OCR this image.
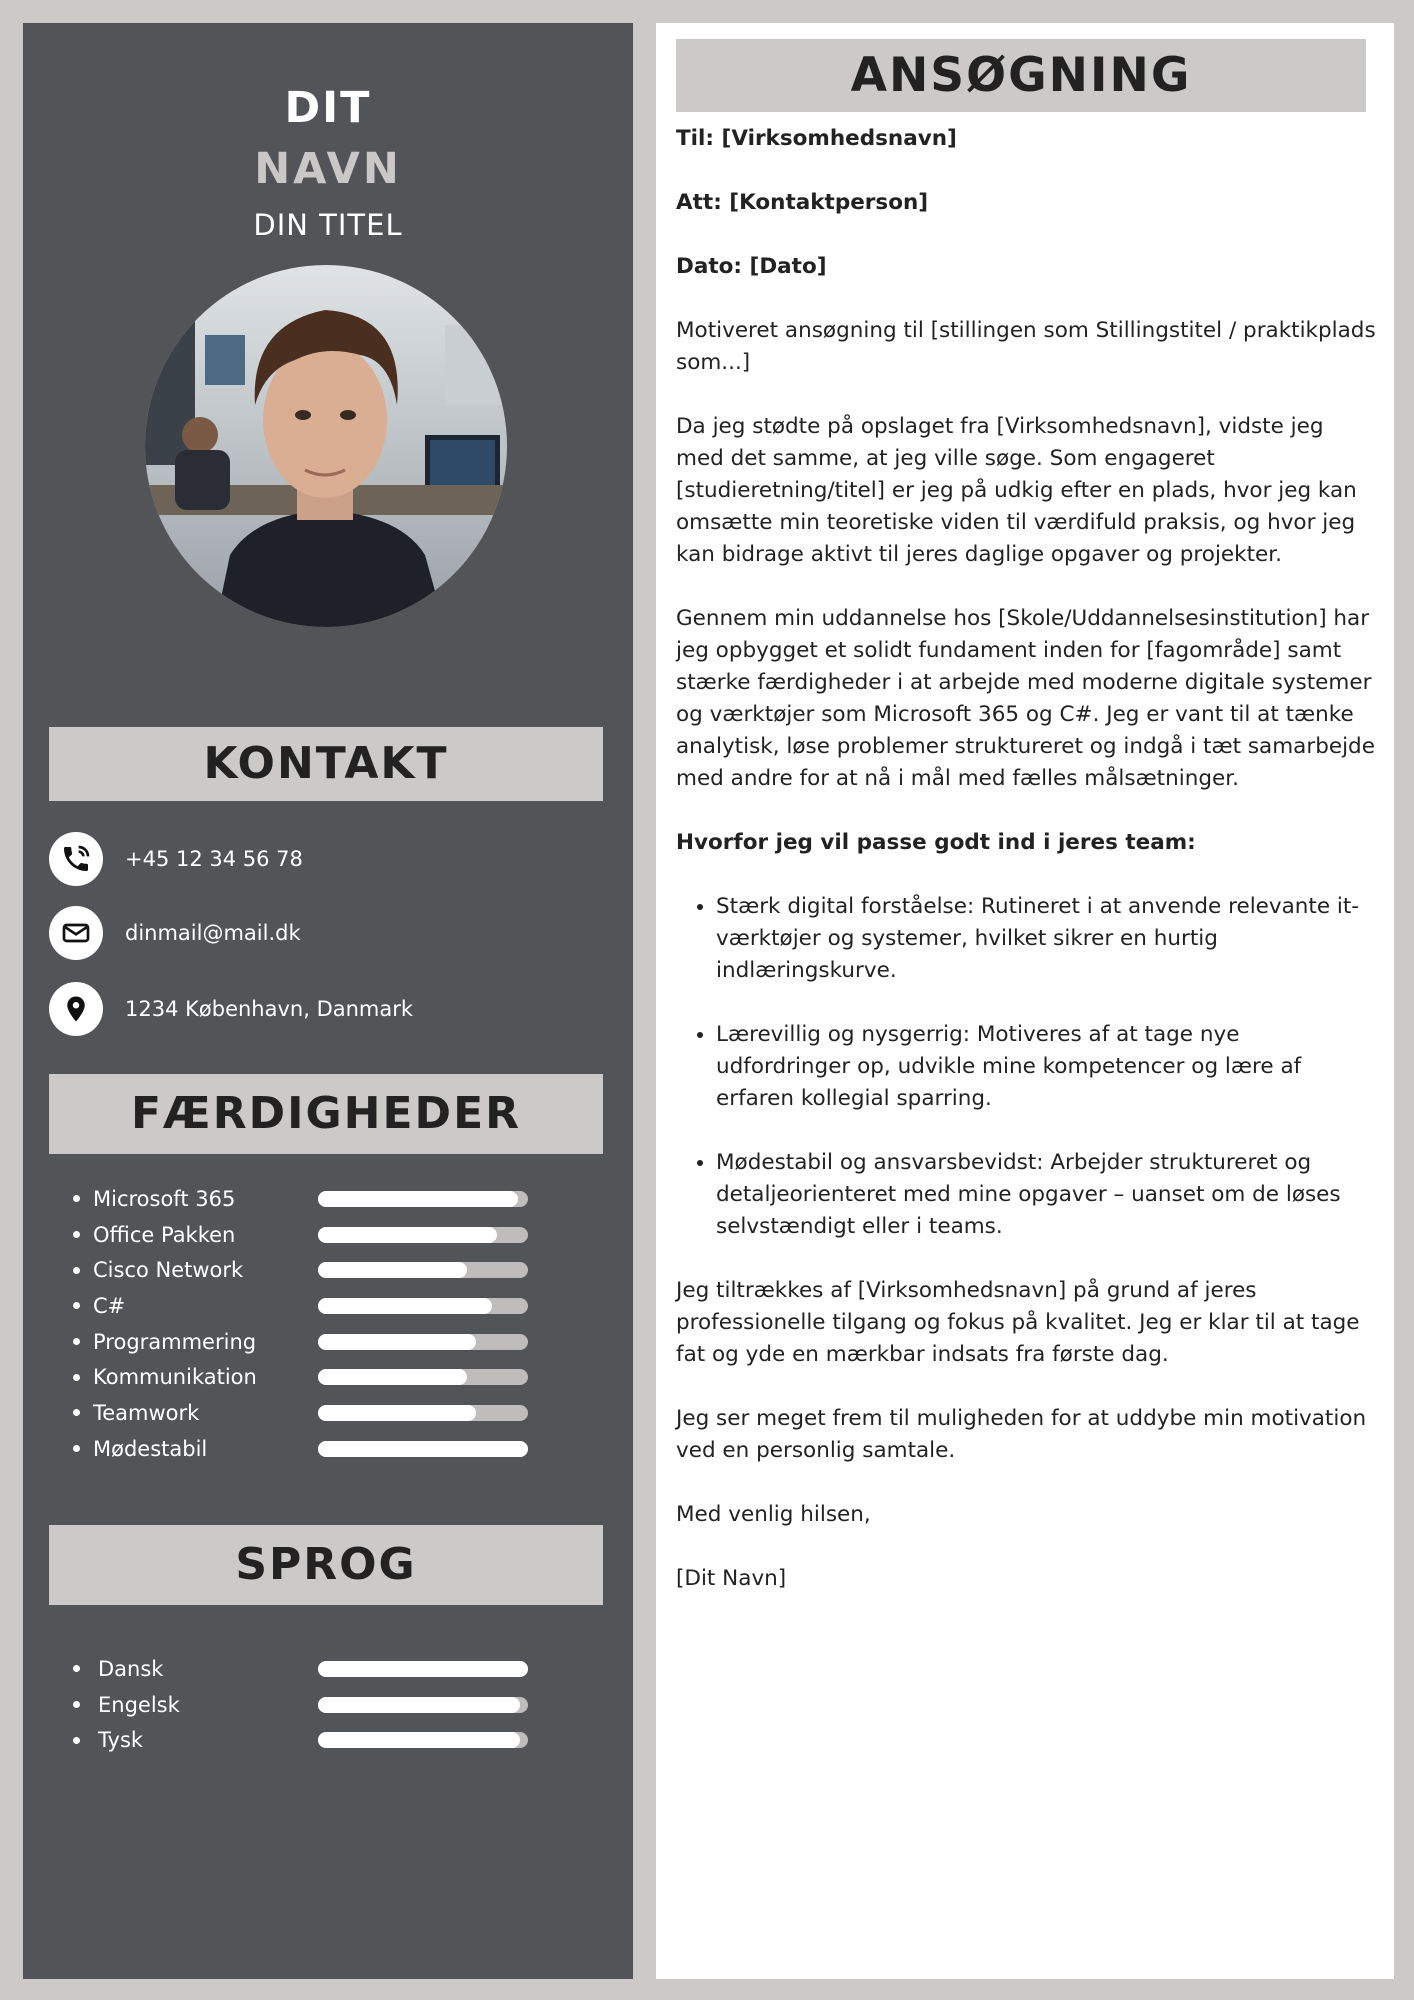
DIT
NAVN
DIN TITEL
KONTAKT
+45 12 34 56 78
dinmail@mail.dk
1234 København, Danmark
FÆRDIGHEDER
Microsoft 365
Office Pakken
Cisco Network
C#
Programmering
Kommunikation
Teamwork
Mødestabil
SPROG
Dansk
Engelsk
Tysk
ANSØGNING

Til: [Virksomhedsnavn]

Att: [Kontaktperson]

Dato: [Dato]

Motiveret ansøgning til [stillingen som Stillingstitel / praktikplads som...]

Da jeg stødte på opslaget fra [Virksomhedsnavn], vidste jeg med det samme, at jeg ville søge. Som engageret [studieretning/titel] er jeg på udkig efter en plads, hvor jeg kan omsætte min teoretiske viden til værdifuld praksis, og hvor jeg kan bidrage aktivt til jeres daglige opgaver og projekter.

Gennem min uddannelse hos [Skole/Uddannelsesinstitution] har jeg opbygget et solidt fundament inden for [fagområde] samt stærke færdigheder i at arbejde med moderne digitale systemer og værktøjer som Microsoft 365 og C#. Jeg er vant til at tænke analytisk, løse problemer struktureret og indgå i tæt samarbejde med andre for at nå i mål med fælles målsætninger.

Hvorfor jeg vil passe godt ind i jeres team:

• Stærk digital forståelse: Rutineret i at anvende relevante it-værktøjer og systemer, hvilket sikrer en hurtig indlæringskurve.
• Lærevillig og nysgerrig: Motiveres af at tage nye udfordringer op, udvikle mine kompetencer og lære af erfaren kollegial sparring.
• Mødestabil og ansvarsbevidst: Arbejder struktureret og detaljeorienteret med mine opgaver – uanset om de løses selvstændigt eller i teams.

Jeg tiltrækkes af [Virksomhedsnavn] på grund af jeres professionelle tilgang og fokus på kvalitet. Jeg er klar til at tage fat og yde en mærkbar indsats fra første dag.

Jeg ser meget frem til muligheden for at uddybe min motivation ved en personlig samtale.

Med venlig hilsen,

[Dit Navn]
